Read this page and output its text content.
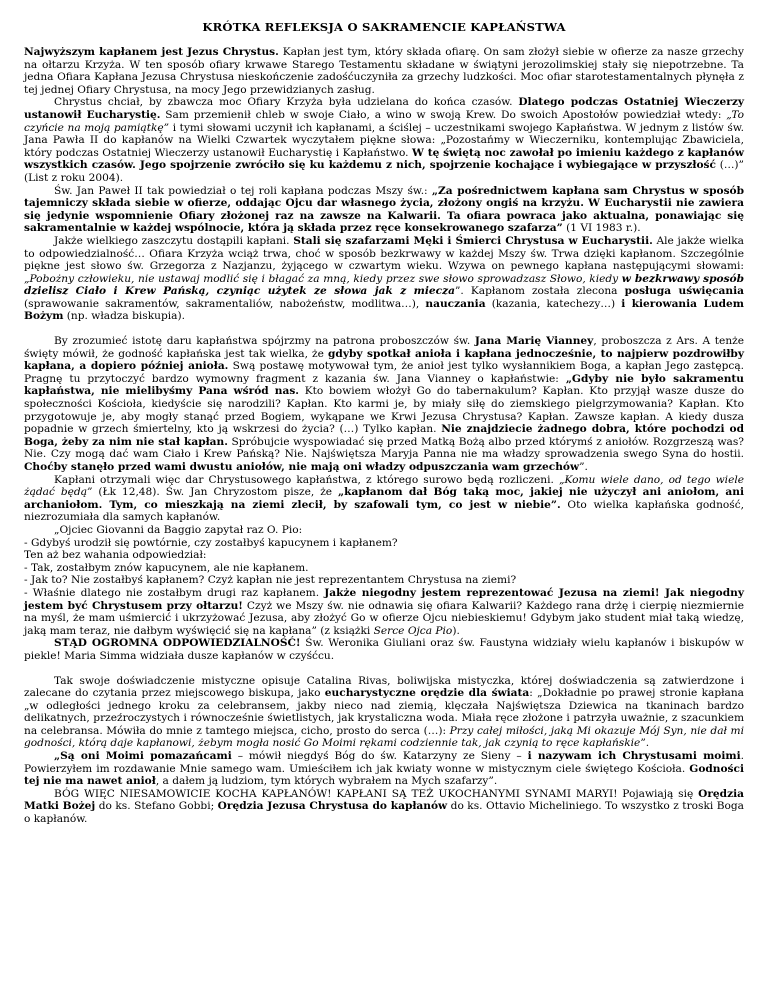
KRÓTKA REFLEKSJA O SAKRAMENCIE KAPŁAŃSTWA

Najwyższym kapłanem jest Jezus Chrystus. Kapłan jest tym, który składa ofiarę. On sam złożył siebie w ofierze za nasze grzechy na ołtarzu Krzyża. W ten sposób ofiary krwawe Starego Testamentu składane w świątyni jerozolimskiej stały się niepotrzebne. Ta jedna Ofiara Kapłana Jezusa Chrystusa nieskończenie zadośćuczyniła za grzechy ludzkości. Moc ofiar starotestamentalnych płynęła z tej jednej Ofiary Chrystusa, na mocy Jego przewidzianych zasług.

Chrystus chciał, by zbawcza moc Ofiary Krzyża była udzielana do końca czasów. Dlatego podczas Ostatniej Wieczerzy ustanowił Eucharystię. Sam przemienił chleb w swoje Ciało, a wino w swoją Krew. Do swoich Apostołów powiedział wtedy: „To czyńcie na moją pamiątkę” i tymi słowami uczynił ich kapłanami, a ściślej – uczestnikami swojego Kapłaństwa. W jednym z listów św. Jana Pawła II do kapłanów na Wielki Czwartek wyczytałem piękne słowa: „Pozostańmy w Wieczerniku, kontemplując Zbawiciela, który podczas Ostatniej Wieczerzy ustanowił Eucharystię i Kapłaństwo. W tę świętą noc zawołał po imieniu każdego z kapłanów wszystkich czasów. Jego spojrzenie zwróciło się ku każdemu z nich, spojrzenie kochające i wybiegające w przyszłość (…)” (List z roku 2004).

Św. Jan Paweł II tak powiedział o tej roli kapłana podczas Mszy św.: „Za pośrednictwem kapłana sam Chrystus w sposób tajemniczy składa siebie w ofierze, oddając Ojcu dar własnego życia, złożony ongiś na krzyżu. W Eucharystii nie zawiera się jedynie wspomnienie Ofiary złożonej raz na zawsze na Kalwarii. Ta ofiara powraca jako aktualna, ponawiając się sakramentalnie w każdej wspólnocie, która ją składa przez ręce konsekrowanego szafarza” (1 VI 1983 r.).

Jakże wielkiego zaszczytu dostąpili kapłani. Stali się szafarzami Męki i Śmierci Chrystusa w Eucharystii. Ale jakże wielka to odpowiedzialność… Ofiara Krzyża wciąż trwa, choć w sposób bezkrwawy w każdej Mszy św. Trwa dzięki kapłanom. Szczególnie piękne jest słowo św. Grzegorza z Nazjanzu, żyjącego w czwartym wieku. Wzywa on pewnego kapłana następującymi słowami: „Pobożny człowieku, nie ustawaj modlić się i błagać za mną, kiedy przez swe słowo sprowadzasz Słowo, kiedy w bezkrwawy sposób dzielisz Ciało i Krew Pańską, czyniąc użytek ze słowa jak z miecza”. Kapłanom została zlecona posługa uświęcania (sprawowanie sakramentów, sakramentaliów, nabożeństw, modlitwa…), nauczania (kazania, katechezy…) i kierowania Ludem Bożym (np. władza biskupia).

By zrozumieć istotę daru kapłaństwa spójrzmy na patrona proboszczów św. Jana Marię Vianney, proboszcza z Ars. A tenże święty mówił, że godność kapłańska jest tak wielka, że gdyby spotkał anioła i kapłana jednocześnie, to najpierw pozdrowiłby kapłana, a dopiero później anioła. Swą postawę motywował tym, że anioł jest tylko wysłannikiem Boga, a kapłan Jego zastępcą. Pragnę tu przytoczyć bardzo wymowny fragment z kazania św. Jana Vianney o kapłaństwie: „Gdyby nie było sakramentu kapłaństwa, nie mielibyśmy Pana wśród nas. Kto bowiem włożył Go do tabernakulum? Kapłan. Kto przyjął wasze dusze do społeczności Kościoła, kiedyście się narodzili? Kapłan. Kto karmi je, by miały siłę do ziemskiego pielgrzymowania? Kapłan. Kto przygotowuje je, aby mogły stanąć przed Bogiem, wykąpane we Krwi Jezusa Chrystusa? Kapłan. Zawsze kapłan. A kiedy dusza popadnie w grzech śmiertelny, kto ją wskrzesi do życia? (…) Tylko kapłan. Nie znajdziecie żadnego dobra, które pochodzi od Boga, żeby za nim nie stał kapłan. Spróbujcie wyspowiadać się przed Matką Bożą albo przed którymś z aniołów. Rozgrzeszą was? Nie. Czy mogą dać wam Ciało i Krew Pańską? Nie. Najświętsza Maryja Panna nie ma władzy sprowadzenia swego Syna do hostii. Choćby stanęło przed wami dwustu aniołów, nie mają oni władzy odpuszczania wam grzechów”.

Kapłani otrzymali więc dar Chrystusowego kapłaństwa, z którego surowo będą rozliczeni. „Komu wiele dano, od tego wiele żądać będą” (Łk 12,48). Św. Jan Chryzostom pisze, że „kapłanom dał Bóg taką moc, jakiej nie użyczył ani aniołom, ani archaniołom. Tym, co mieszkają na ziemi zlecił, by szafowali tym, co jest w niebie”. Oto wielka kapłańska godność, niezrozumiała dla samych kapłanów.

„Ojciec Giovanni da Baggio zapytał raz O. Pio:

- Gdybyś urodził się powtórnie, czy zostałbyś kapucynem i kapłanem?

Ten aż bez wahania odpowiedział:

- Tak, zostałbym znów kapucynem, ale nie kapłanem.

- Jak to? Nie zostałbyś kapłanem? Czyż kapłan nie jest reprezentantem Chrystusa na ziemi?

- Właśnie dlatego nie zostałbym drugi raz kapłanem. Jakże niegodny jestem reprezentować Jezusa na ziemi! Jak niegodny jestem być Chrystusem przy ołtarzu! Czyż we Mszy św. nie odnawia się ofiara Kalwarii? Każdego rana drżę i cierpię niezmiernie na myśl, że mam uśmiercić i ukrzyżować Jezusa, aby złożyć Go w ofierze Ojcu niebieskiemu! Gdybym jako student miał taką wiedzę, jaką mam teraz, nie dałbym wyświęcić się na kapłana” (z książki Serce Ojca Pio).

STĄD OGROMNA ODPOWIEDZIALNOŚĆ! Św. Weronika Giuliani oraz św. Faustyna widziały wielu kapłanów i biskupów w piekle! Maria Simma widziała dusze kapłanów w czyśćcu.

Tak swoje doświadczenie mistyczne opisuje Catalina Rivas, boliwijska mistyczka, której doświadczenia są zatwierdzone i zalecane do czytania przez miejscowego biskupa, jako eucharystyczne orędzie dla świata: „Dokładnie po prawej stronie kapłana „w odległości jednego kroku za celebransem, jakby nieco nad ziemią, klęczała Najświętsza Dziewica na tkaninach bardzo delikatnych, przeźroczystych i równocześnie świetlistych, jak krystaliczna woda. Miała ręce złożone i patrzyła uważnie, z szacunkiem na celebransa. Mówiła do mnie z tamtego miejsca, cicho, prosto do serca (…): Przy całej miłości, jaką Mi okazuje Mój Syn, nie dał mi godności, którą daje kapłanowi, żebym mogła nosić Go Moimi rękami codziennie tak, jak czynią to ręce kapłańskie”.

„Są oni Moimi pomazańcami – mówił niegdyś Bóg do św. Katarzyny ze Sieny – i nazywam ich Chrystusami moimi. Powierzyłem im rozdawanie Mnie samego wam. Umieściłem ich jak kwiaty wonne w mistycznym ciele świętego Kościoła. Godności tej nie ma nawet anioł, a dałem ją ludziom, tym których wybrałem na Mych szafarzy”.

BÓG WIĘC NIESAMOWICIE KOCHA KAPŁANÓW! KAPŁANI SĄ TEŻ UKOCHANYMI SYNAMI MARYI! Pojawiają się Orędzia Matki Bożej do ks. Stefano Gobbi; Orędzia Jezusa Chrystusa do kapłanów do ks. Ottavio Micheliniego. To wszystko z troski Boga o kapłanów.
